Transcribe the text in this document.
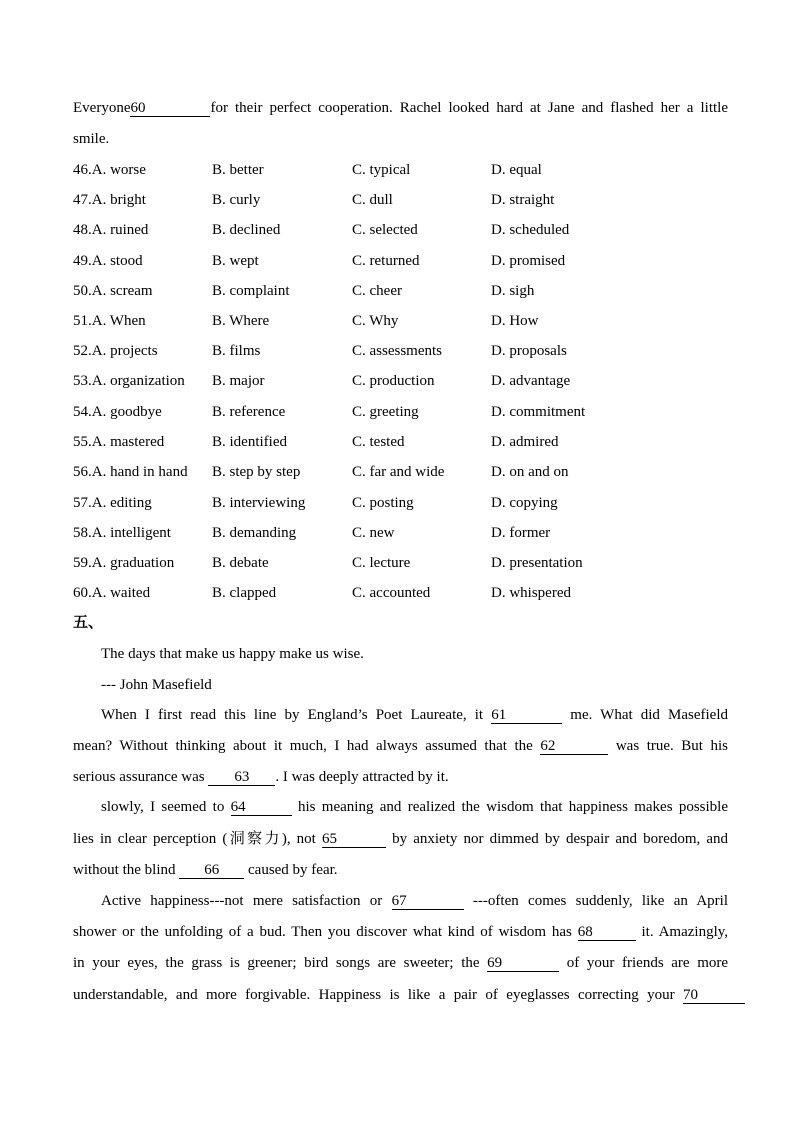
Everyone60	for their perfect cooperation. Rachel looked hard at Jane and flashed her a little
smile.
46.A. worse	B. better	C. typical	D. equal
47.A. bright	B. curly	C. dull	D. straight
48.A. ruined	B. declined	C. selected	D. scheduled
49.A. stood	B. wept	C. returned	D. promised
50.A. scream	B. complaint	C. cheer	D. sigh
51.A. When	B. Where	C. Why	D. How
52.A. projects	B. films	C. assessments	D. proposals
53.A. organization B. major	C. production	D. advantage
54.A. goodbye	B. reference	C. greeting	D. commitment
55.A. mastered	B. identified	C. tested	D. admired
56.A. hand in hand B. step by step	C. far and wide	D. on and on
57.A. editing	B. interviewing	C. posting	D. copying
58.A. intelligent	B. demanding	C. new	D. former
59.A. graduation	B. debate	C. lecture	D. presentation
60.A. waited	B. clapped	C. accounted	D. whispered
五、
The days that make us happy make us wise.
--- John Masefield
When I first read this line by England’s Poet Laureate, it 61	me. What did Masefield
mean? Without thinking about it much, I had always assumed that the 62	was true. But his
serious assurance was 63 . I was deeply attracted by it.
slowly, I seemed to 64	his meaning and realized the wisdom that happiness makes possible
lies in clear perception (洞察力), not 65	by anxiety nor dimmed by despair and boredom, and
without the blind 66 caused by fear.
Active happiness---not mere satisfaction or 67	---often comes suddenly, like an April
shower or the unfolding of a bud. Then you discover what kind of wisdom has 68	it. Amazingly,
in your eyes, the grass is greener; bird songs are sweeter; the 69	of your friends are more
understandable, and more forgivable. Happiness is like a pair of eyeglasses correcting your 70
